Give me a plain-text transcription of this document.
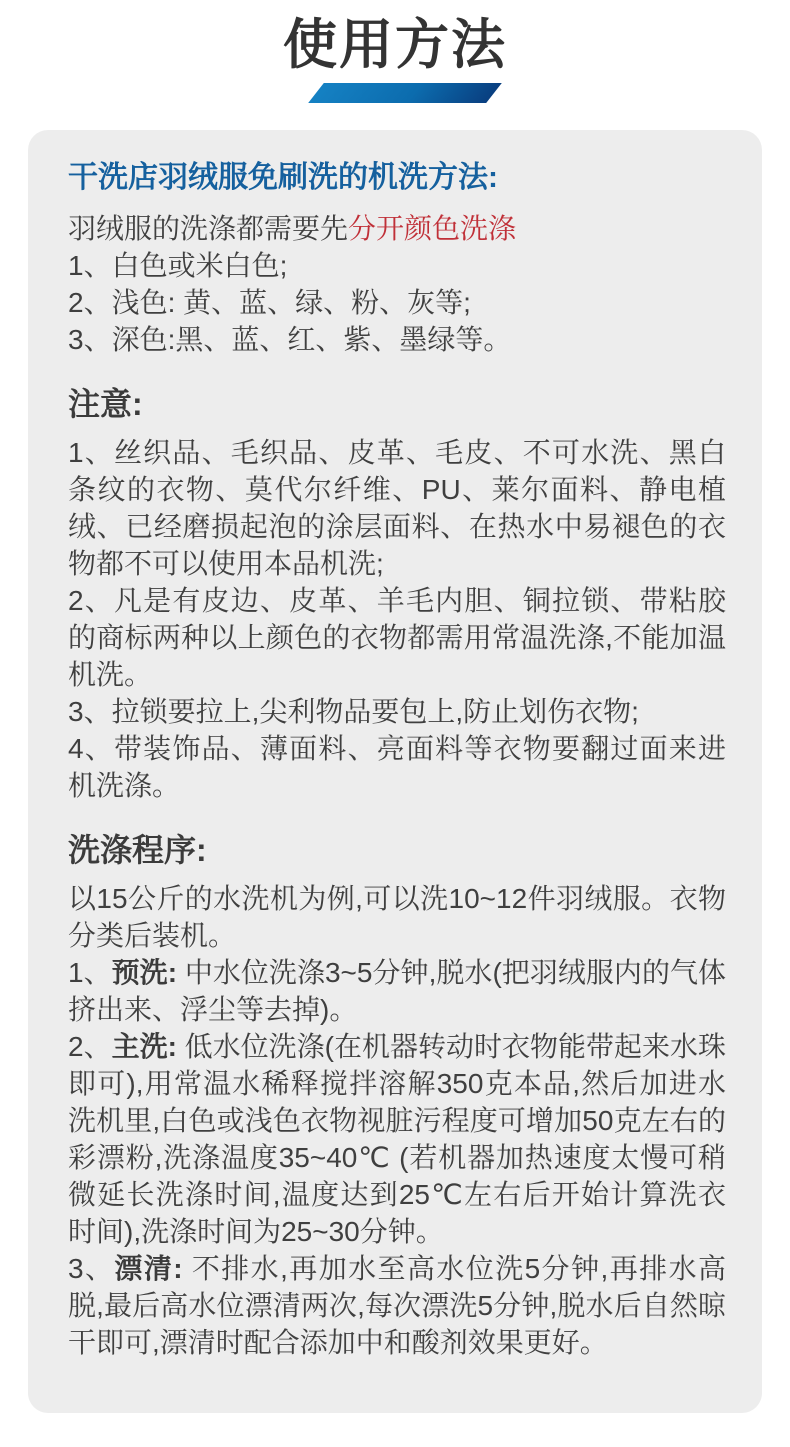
使用方法
干洗店羽绒服免刷洗的机洗方法:

羽绒服的洗涤都需要先分开颜色洗涤

1、白色或米白色;

2、浅色: 黄、蓝、绿、粉、灰等;

3、深色:黑、蓝、红、紫、墨绿等。

注意:

1、丝织品、毛织品、皮革、毛皮、不可水洗、黑白条纹的衣物、莫代尔纤维、PU、莱尔面料、静电植绒、已经磨损起泡的涂层面料、在热水中易褪色的衣物都不可以使用本品机洗;

2、凡是有皮边、皮革、羊毛内胆、铜拉锁、带粘胶的商标两种以上颜色的衣物都需用常温洗涤,不能加温机洗。

3、拉锁要拉上,尖利物品要包上,防止划伤衣物;

4、带装饰品、薄面料、亮面料等衣物要翻过面来进机洗涤。

洗涤程序:

以15公斤的水洗机为例,可以洗10~12件羽绒服。衣物分类后装机。

1、预洗: 中水位洗涤3~5分钟,脱水(把羽绒服内的气体挤出来、浮尘等去掉)。

2、主洗: 低水位洗涤(在机器转动时衣物能带起来水珠即可),用常温水稀释搅拌溶解350克本品,然后加进水洗机里,白色或浅色衣物视脏污程度可增加50克左右的彩漂粉,洗涤温度35~40℃ (若机器加热速度太慢可稍微延长洗涤时间,温度达到25℃左右后开始计算洗衣时间),洗涤时间为25~30分钟。

3、漂清: 不排水,再加水至高水位洗5分钟,再排水高脱,最后高水位漂清两次,每次漂洗5分钟,脱水后自然晾干即可,漂清时配合添加中和酸剂效果更好。
